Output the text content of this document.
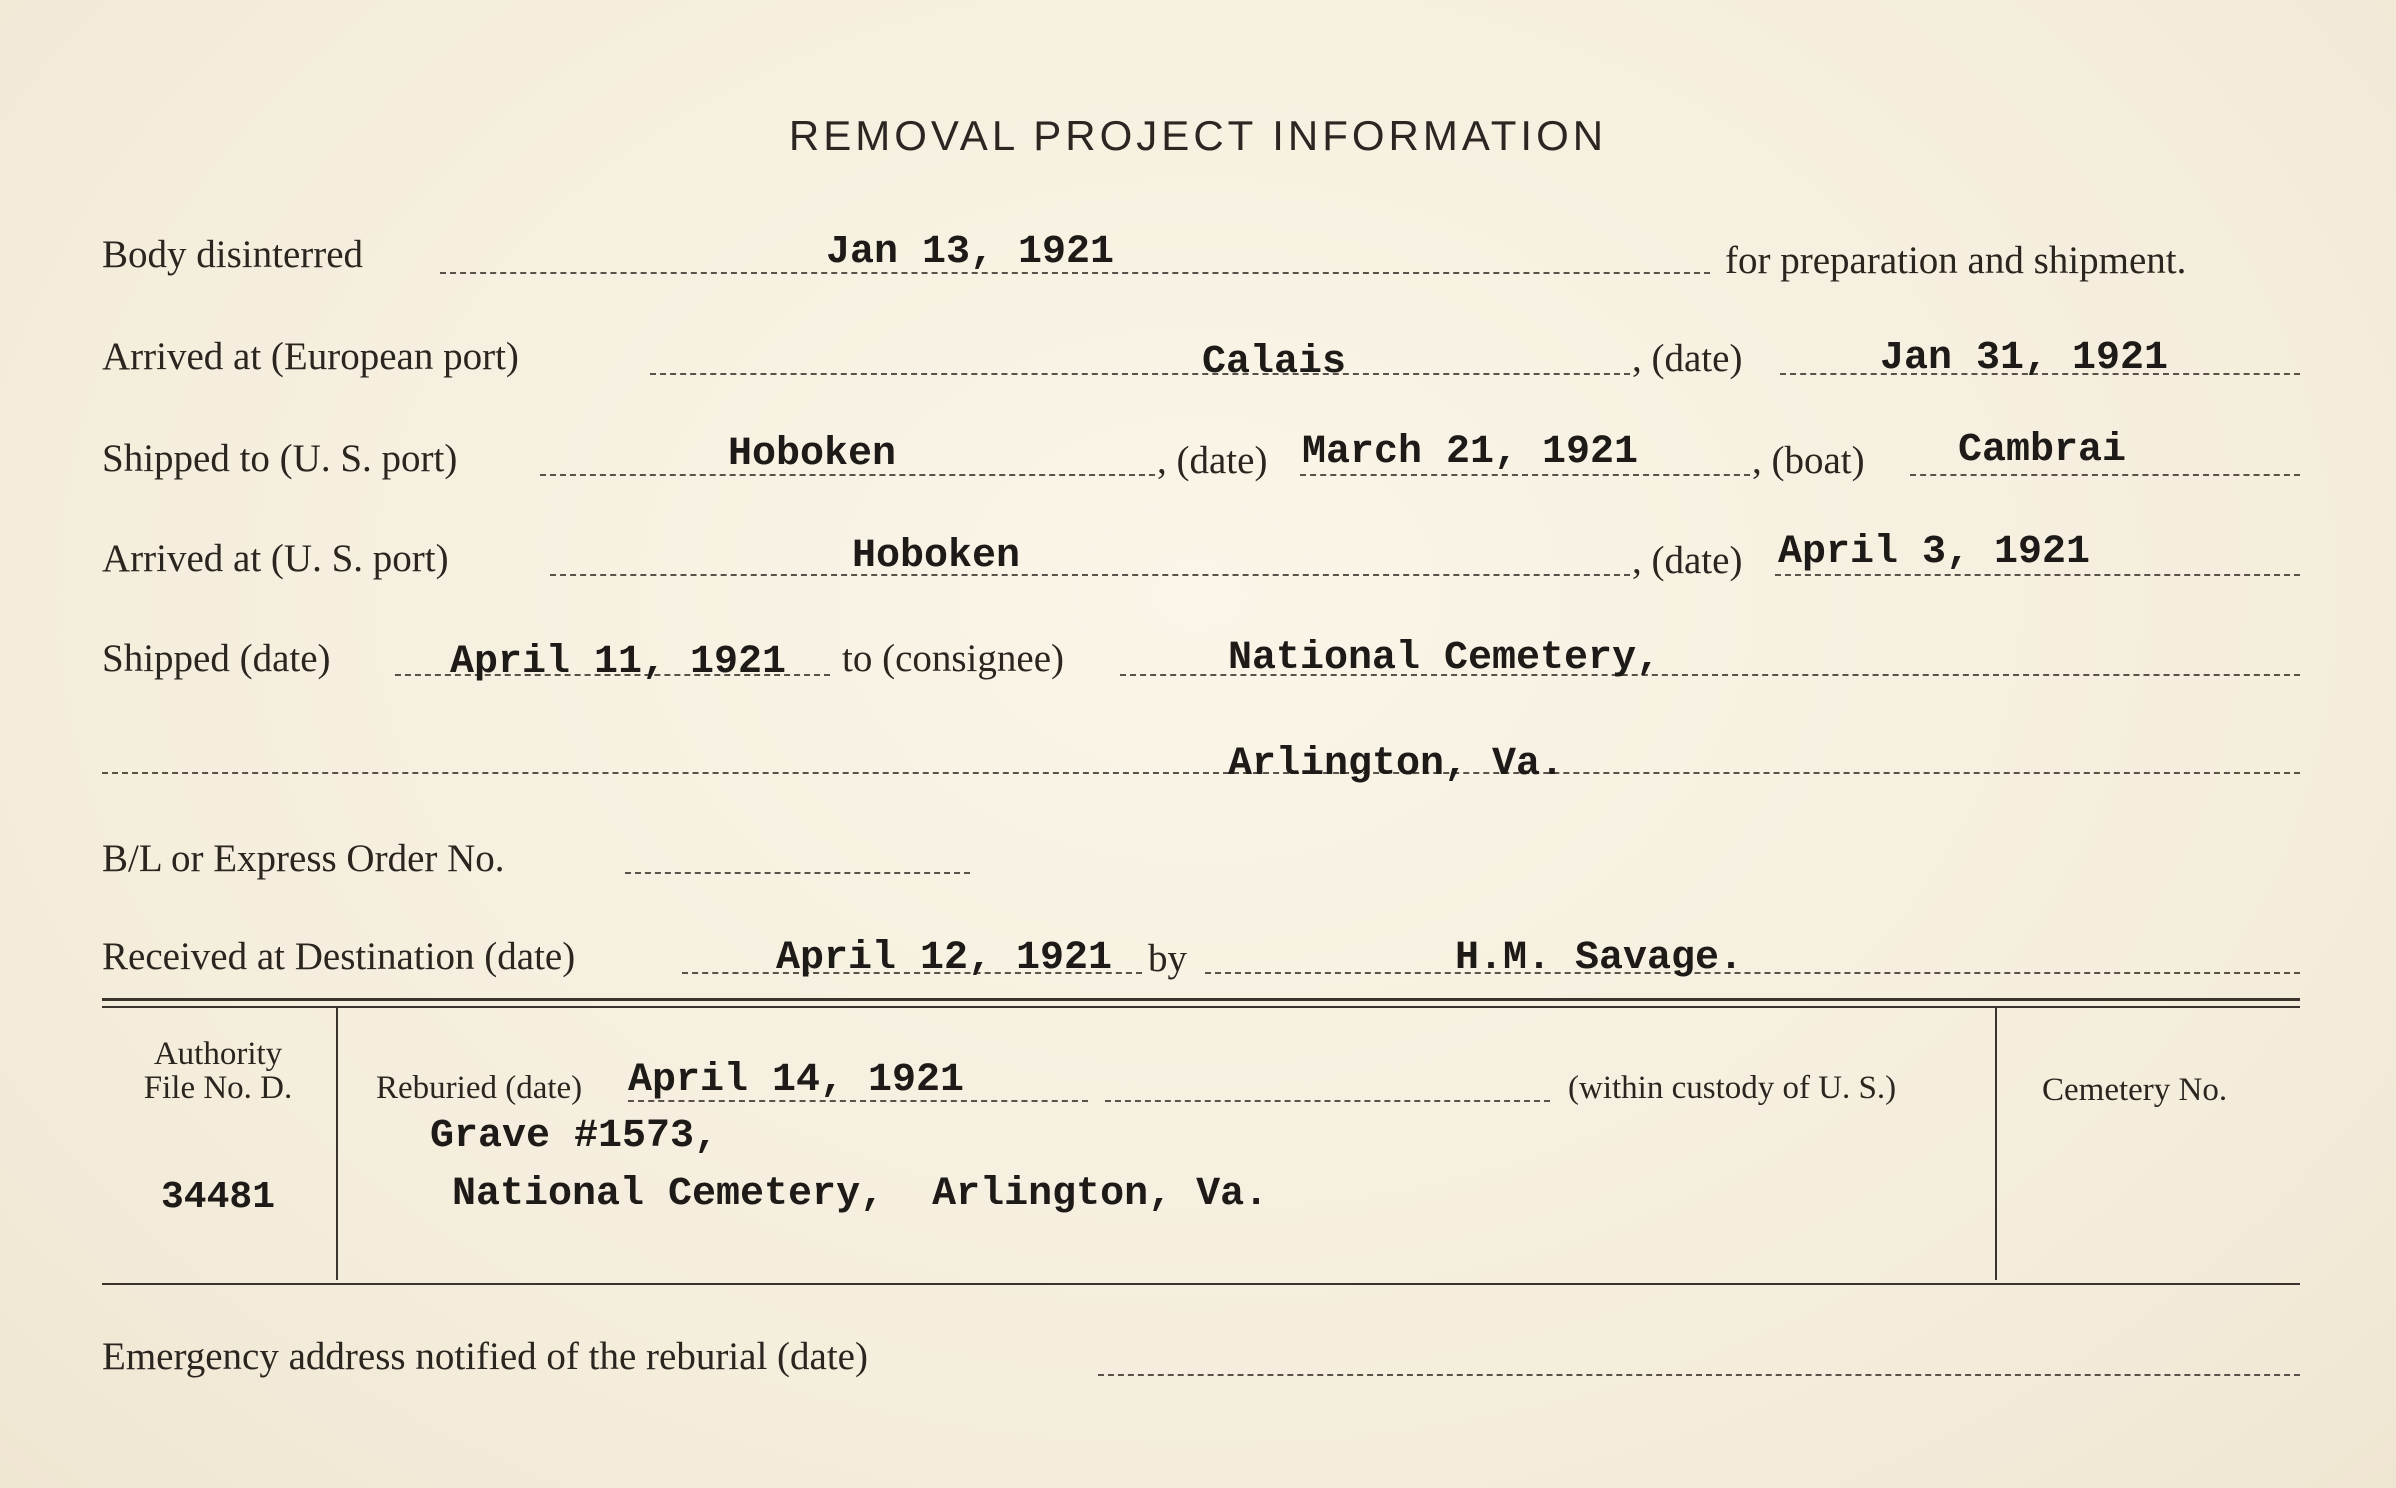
REMOVAL PROJECT INFORMATION
Body disinterred	Jan 13, 1921	for preparation and shipment.
Arrived at (European port)	Calais	, (date)	Jan 31, 1921
Shipped to (U. S. port)	Hoboken	, (date) March 21, 1921	, (boat) Cambrai
Arrived at (U. S. port)	Hoboken	, (date) April 3, 1921
Shipped (date)	April 11, 1921 to (consignee)	National Cemetery,
Arlington, Va.
B/L or Express Order No.
Received at Destination (date)	April 12, 1921 by	H.M. Savage.
Authority
File No. D.
34481
Reburied (date) April 14, 1921	(within custody of U. S.)
Grave #1573,
National Cemetery,  Arlington, Va.
Cemetery No.
Emergency address notified of the reburial (date)
